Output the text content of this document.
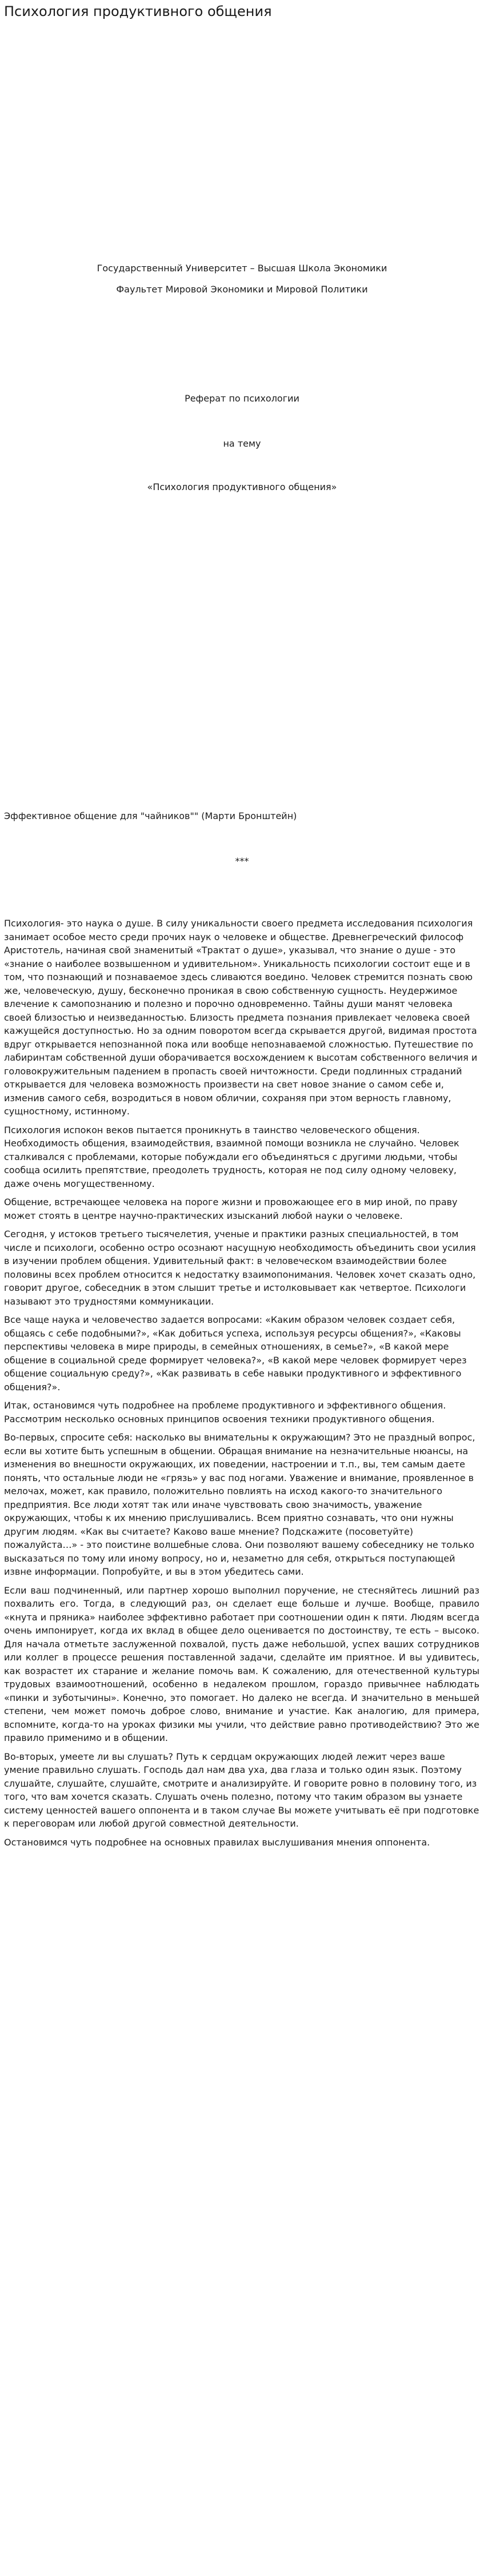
Психология продуктивного общения
Государственный Университет – Высшая Школа Экономики
Фаультет Мировой Экономики и Мировой Политики
Реферат по психологии
на тему
«Психология продуктивного общения»
Эффективное общение для "чайников"" (Марти Бронштейн)
***

Психология- это наука о душе. В силу уникальности своего предмета исследования психология занимает особое место среди прочих наук о человеке и обществе. Древнегреческий философ Аристотель, начиная свой знаменитый «Трактат о душе», указывал, что знание о душе - это «знание о наиболее возвышенном и удивительном». Уникальность психологии состоит еще и в том, что познающий и познаваемое здесь сливаются воедино. Человек стремится познать свою же, человеческую, душу, бесконечно проникая в свою собственную сущность. Неудержимое влечение к самопознанию и полезно и порочно одновременно. Тайны души манят человека своей близостью и неизведанностью. Близость предмета познания привлекает человека своей кажущейся доступностью. Но за одним поворотом всегда скрывается другой, видимая простота вдруг открывается непознанной пока или вообще непознаваемой сложностью. Путешествие по лабиринтам собственной души оборачивается восхождением к высотам собственного величия и головокружительным падением в пропасть своей ничтожности. Среди подлинных страданий открывается для человека возможность произвести на свет новое знание о самом себе и, изменив самого себя, возродиться в новом обличии, сохраняя при этом верность главному, сущностному, истинному.

Психология испокон веков пытается проникнуть в таинство человеческого общения. Необходимость общения, взаимодействия, взаимной помощи возникла не случайно. Человек сталкивался с проблемами, которые побуждали его объединяться с другими людьми, чтобы сообща осилить препятствие, преодолеть трудность, которая не под силу одному человеку, даже очень могущественному.

Общение, встречающее человека на пороге жизни и провожающее его в мир иной, по праву может стоять в центре научно-практических изысканий любой науки о человеке.

Сегодня, у истоков третьего тысячелетия, ученые и практики разных специальностей, в том числе и психологи, особенно остро осознают насущную необходимость объединить свои усилия в изучении проблем общения. Удивительный факт: в человеческом взаимодействии более половины всех проблем относится к недостатку взаимопонимания. Человек хочет сказать одно, говорит другое, собеседник в этом слышит третье и истолковывает как четвертое. Психологи называют это трудностями коммуникации.

Все чаще наука и человечество задается вопросами: «Каким образом человек создает себя, общаясь с себе подобными?», «Как добиться успеха, используя ресурсы общения?», «Каковы перспективы человека в мире природы, в семейных отношениях, в семье?», «В какой мере общение в социальной среде формирует человека?», «В какой мере человек формирует через общение социальную среду?», «Как развивать в себе навыки продуктивного и эффективного общения?».

Итак, остановимся чуть подробнее на проблеме продуктивного и эффективного общения. Рассмотрим несколько основных принципов освоения техники продуктивного общения.

Во-первых, спросите себя: насколько вы внимательны к окружающим? Это не праздный вопрос, если вы хотите быть успешным в общении. Обращая внимание на незначительные нюансы, на изменения во внешности окружающих, их поведении, настроении и т.п., вы, тем самым даете понять, что остальные люди не «грязь» у вас под ногами. Уважение и внимание, проявленное в мелочах, может, как правило, положительно повлиять на исход какого-то значительного предприятия. Все люди хотят так или иначе чувствовать свою значимость, уважение окружающих, чтобы к их мнению прислушивались. Всем приятно сознавать, что они нужны другим людям. «Как вы считаете? Каково ваше мнение? Подскажите (посоветуйте) пожалуйста…» - это поистине волшебные слова. Они позволяют вашему собеседнику не только высказаться по тому или иному вопросу, но и, незаметно для себя, открыться поступающей извне информации. Попробуйте, и вы в этом убедитесь сами.

Если ваш подчиненный, или партнер хорошо выполнил поручение, не стесняйтесь лишний раз похвалить его. Тогда, в следующий раз, он сделает еще больше и лучше. Вообще, правило «кнута и пряника» наиболее эффективно работает при соотношении один к пяти. Людям всегда очень импонирует, когда их вклад в общее дело оценивается по достоинству, те есть – высоко. Для начала отметьте заслуженной похвалой, пусть даже небольшой, успех ваших сотрудников или коллег в процессе решения поставленной задачи, сделайте им приятное. И вы удивитесь, как возрастет их старание и желание помочь вам. К сожалению, для отечественной культуры трудовых взаимоотношений, особенно в недалеком прошлом, гораздо привычнее наблюдать «пинки и зуботычины». Конечно, это помогает. Но далеко не всегда. И значительно в меньшей степени, чем может помочь доброе слово, внимание и участие. Как аналогию, для примера, вспомните, когда-то на уроках физики мы учили, что действие равно противодействию? Это же правило применимо и в общении.

Во-вторых, умеете ли вы слушать? Путь к сердцам окружающих людей лежит через ваше умение правильно слушать. Господь дал нам два уха, два глаза и только один язык. Поэтому слушайте, слушайте, слушайте, смотрите и анализируйте. И говорите ровно в половину того, из того, что вам хочется сказать. Слушать очень полезно, потому что таким образом вы узнаете систему ценностей вашего оппонента и в таком случае Вы можете учитывать её при подготовке к переговорам или любой другой совместной деятельности.

Остановимся чуть подробнее на основных правилах выслушивания мнения оппонента.
